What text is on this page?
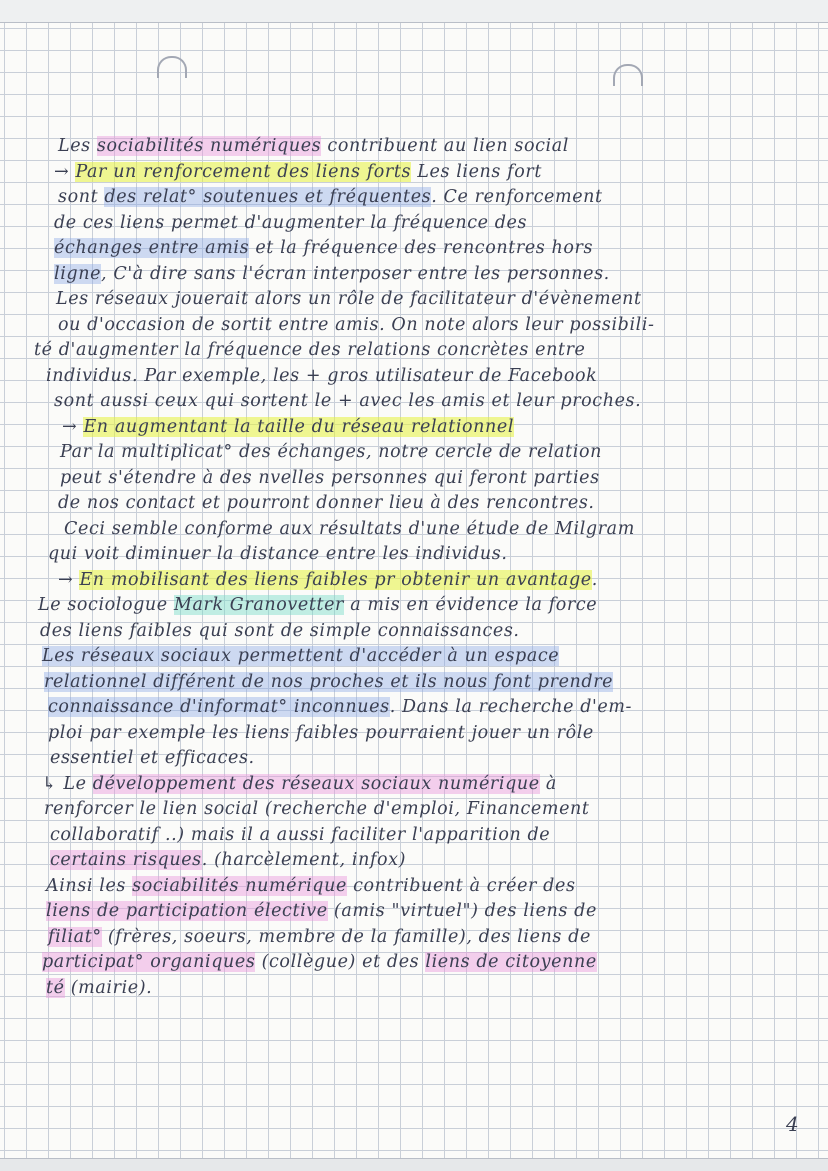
Les sociabilités numériques contribuent au lien social

→ Par un renforcement des liens forts Les liens fort

sont des relat° soutenues et fréquentes. Ce renforcement

de ces liens permet d'augmenter la fréquence des

échanges entre amis et la fréquence des rencontres hors

ligne, C'à dire sans l'écran interposer entre les personnes.

Les réseaux jouerait alors un rôle de facilitateur d'évènement

ou d'occasion de sortit entre amis. On note alors leur possibili-

té d'augmenter la fréquence des relations concrètes entre

individus. Par exemple, les + gros utilisateur de Facebook

sont aussi ceux qui sortent le + avec les amis et leur proches.

→ En augmentant la taille du réseau relationnel

Par la multiplicat° des échanges, notre cercle de relation

peut s'étendre à des nvelles personnes qui feront parties

de nos contact et pourront donner lieu à des rencontres.

Ceci semble conforme aux résultats d'une étude de Milgram

qui voit diminuer la distance entre les individus.

→ En mobilisant des liens faibles pr obtenir un avantage.

Le sociologue Mark Granovetter a mis en évidence la force

des liens faibles qui sont de simple connaissances.

Les réseaux sociaux permettent d'accéder à un espace

relationnel différent de nos proches et ils nous font prendre

connaissance d'informat° inconnues. Dans la recherche d'em-

ploi par exemple les liens faibles pourraient jouer un rôle

essentiel et efficaces.

↳ Le développement des réseaux sociaux numérique à

renforcer le lien social (recherche d'emploi, Financement

collaboratif ..) mais il a aussi faciliter l'apparition de

certains risques. (harcèlement, infox)

Ainsi les sociabilités numérique contribuent à créer des

liens de participation élective (amis "virtuel") des liens de

filiat° (frères, soeurs, membre de la famille), des liens de

participat° organiques (collègue) et des liens de citoyenne

té (mairie).

4
